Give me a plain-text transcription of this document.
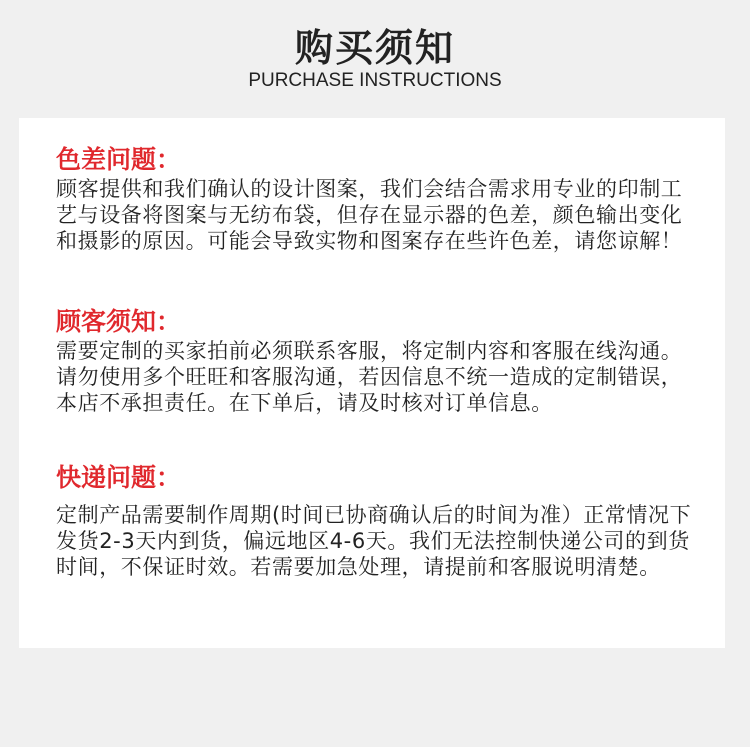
购买须知
PURCHASE INSTRUCTIONS

色差问题：

顾客提供和我们确认的设计图案，我们会结合需求用专业的印制工艺与设备将图案与无纺布袋，但存在显示器的色差，颜色输出变化和摄影的原因。可能会导致实物和图案存在些许色差，请您谅解！

顾客须知：

需要定制的买家拍前必须联系客服，将定制内容和客服在线沟通。请勿使用多个旺旺和客服沟通，若因信息不统一造成的定制错误，本店不承担责任。在下单后，请及时核对订单信息。

快递问题：

定制产品需要制作周期(时间已协商确认后的时间为准）正常情况下发货2-3天内到货，偏远地区4-6天。我们无法控制快递公司的到货时间，不保证时效。若需要加急处理，请提前和客服说明清楚。
